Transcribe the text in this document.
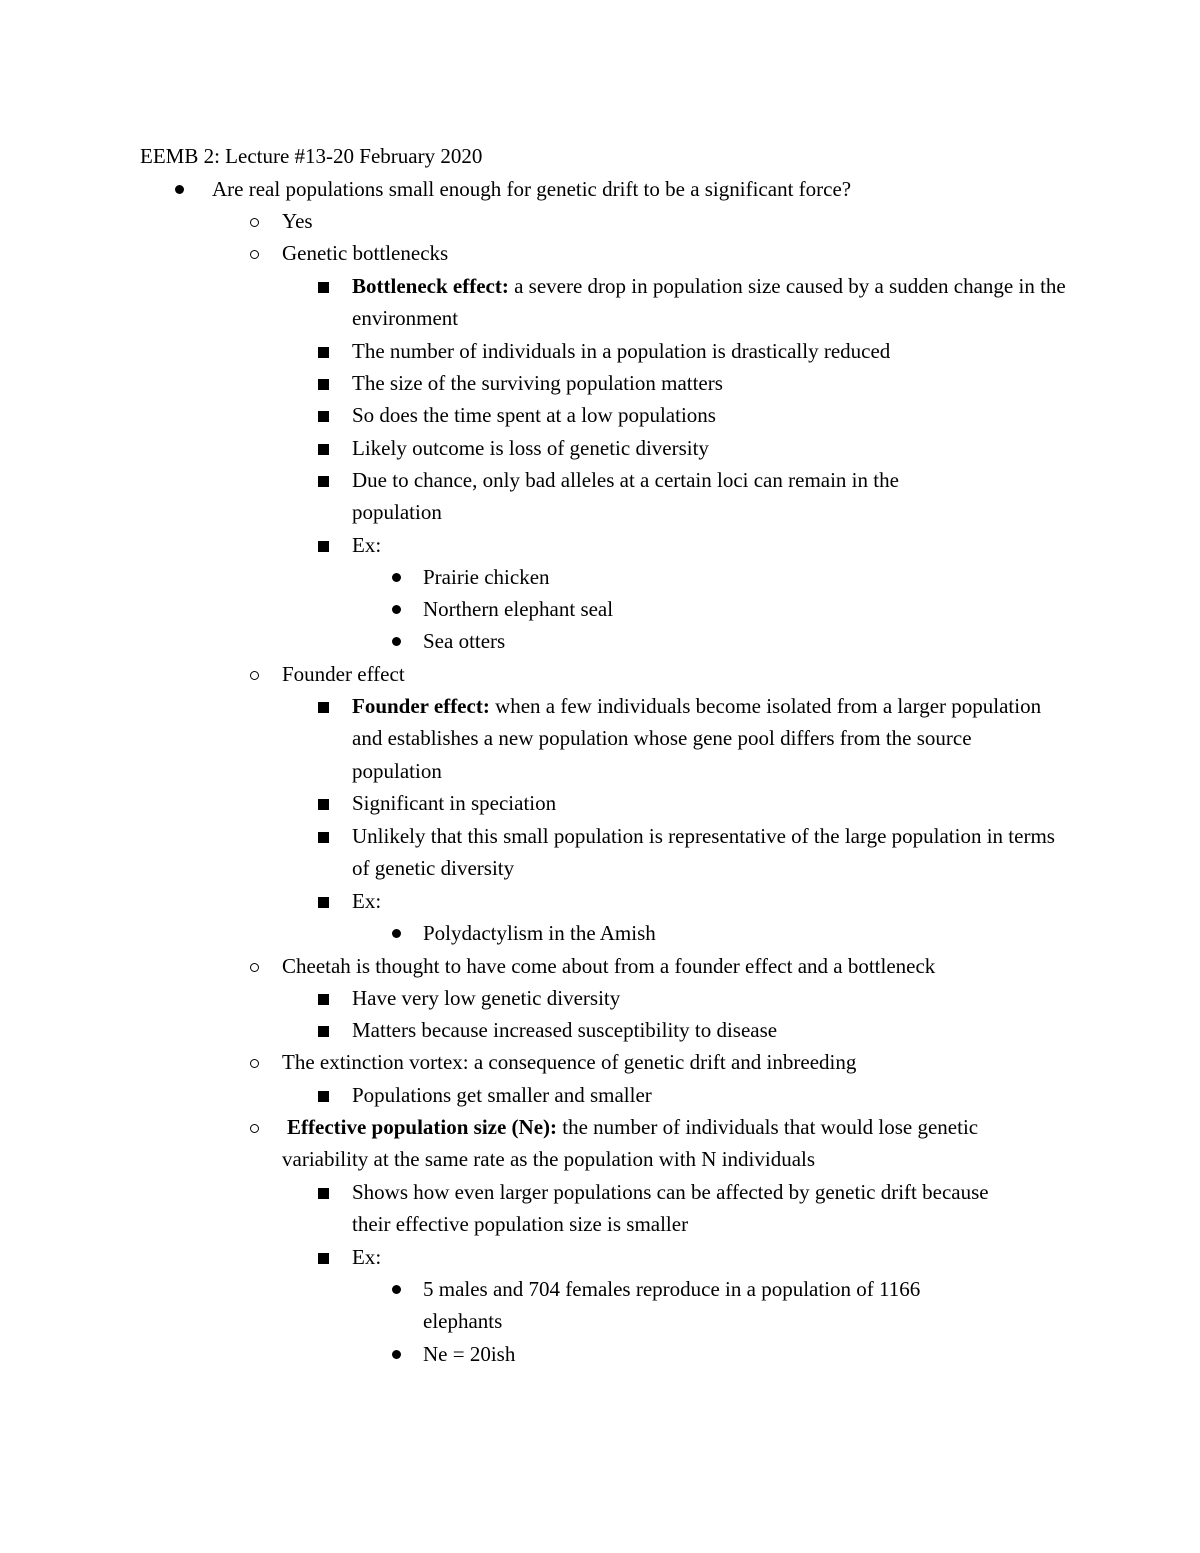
EEMB 2: Lecture #13-20 February 2020
Are real populations small enough for genetic drift to be a significant force?
Yes
Genetic bottlenecks
Bottleneck effect: a severe drop in population size caused by a sudden change in the environment
The number of individuals in a population is drastically reduced
The size of the surviving population matters
So does the time spent at a low populations
Likely outcome is loss of genetic diversity
Due to chance, only bad alleles at a certain loci can remain in the population
Ex:
Prairie chicken
Northern elephant seal
Sea otters
Founder effect
Founder effect: when a few individuals become isolated from a larger population and establishes a new population whose gene pool differs from the source population
Significant in speciation
Unlikely that this small population is representative of the large population in terms of genetic diversity
Ex:
Polydactylism in the Amish
Cheetah is thought to have come about from a founder effect and a bottleneck
Have very low genetic diversity
Matters because increased susceptibility to disease
The extinction vortex: a consequence of genetic drift and inbreeding
Populations get smaller and smaller
Effective population size (Ne): the number of individuals that would lose genetic variability at the same rate as the population with N individuals
Shows how even larger populations can be affected by genetic drift because their effective population size is smaller
Ex:
5 males and 704 females reproduce in a population of 1166 elephants
Ne = 20ish
